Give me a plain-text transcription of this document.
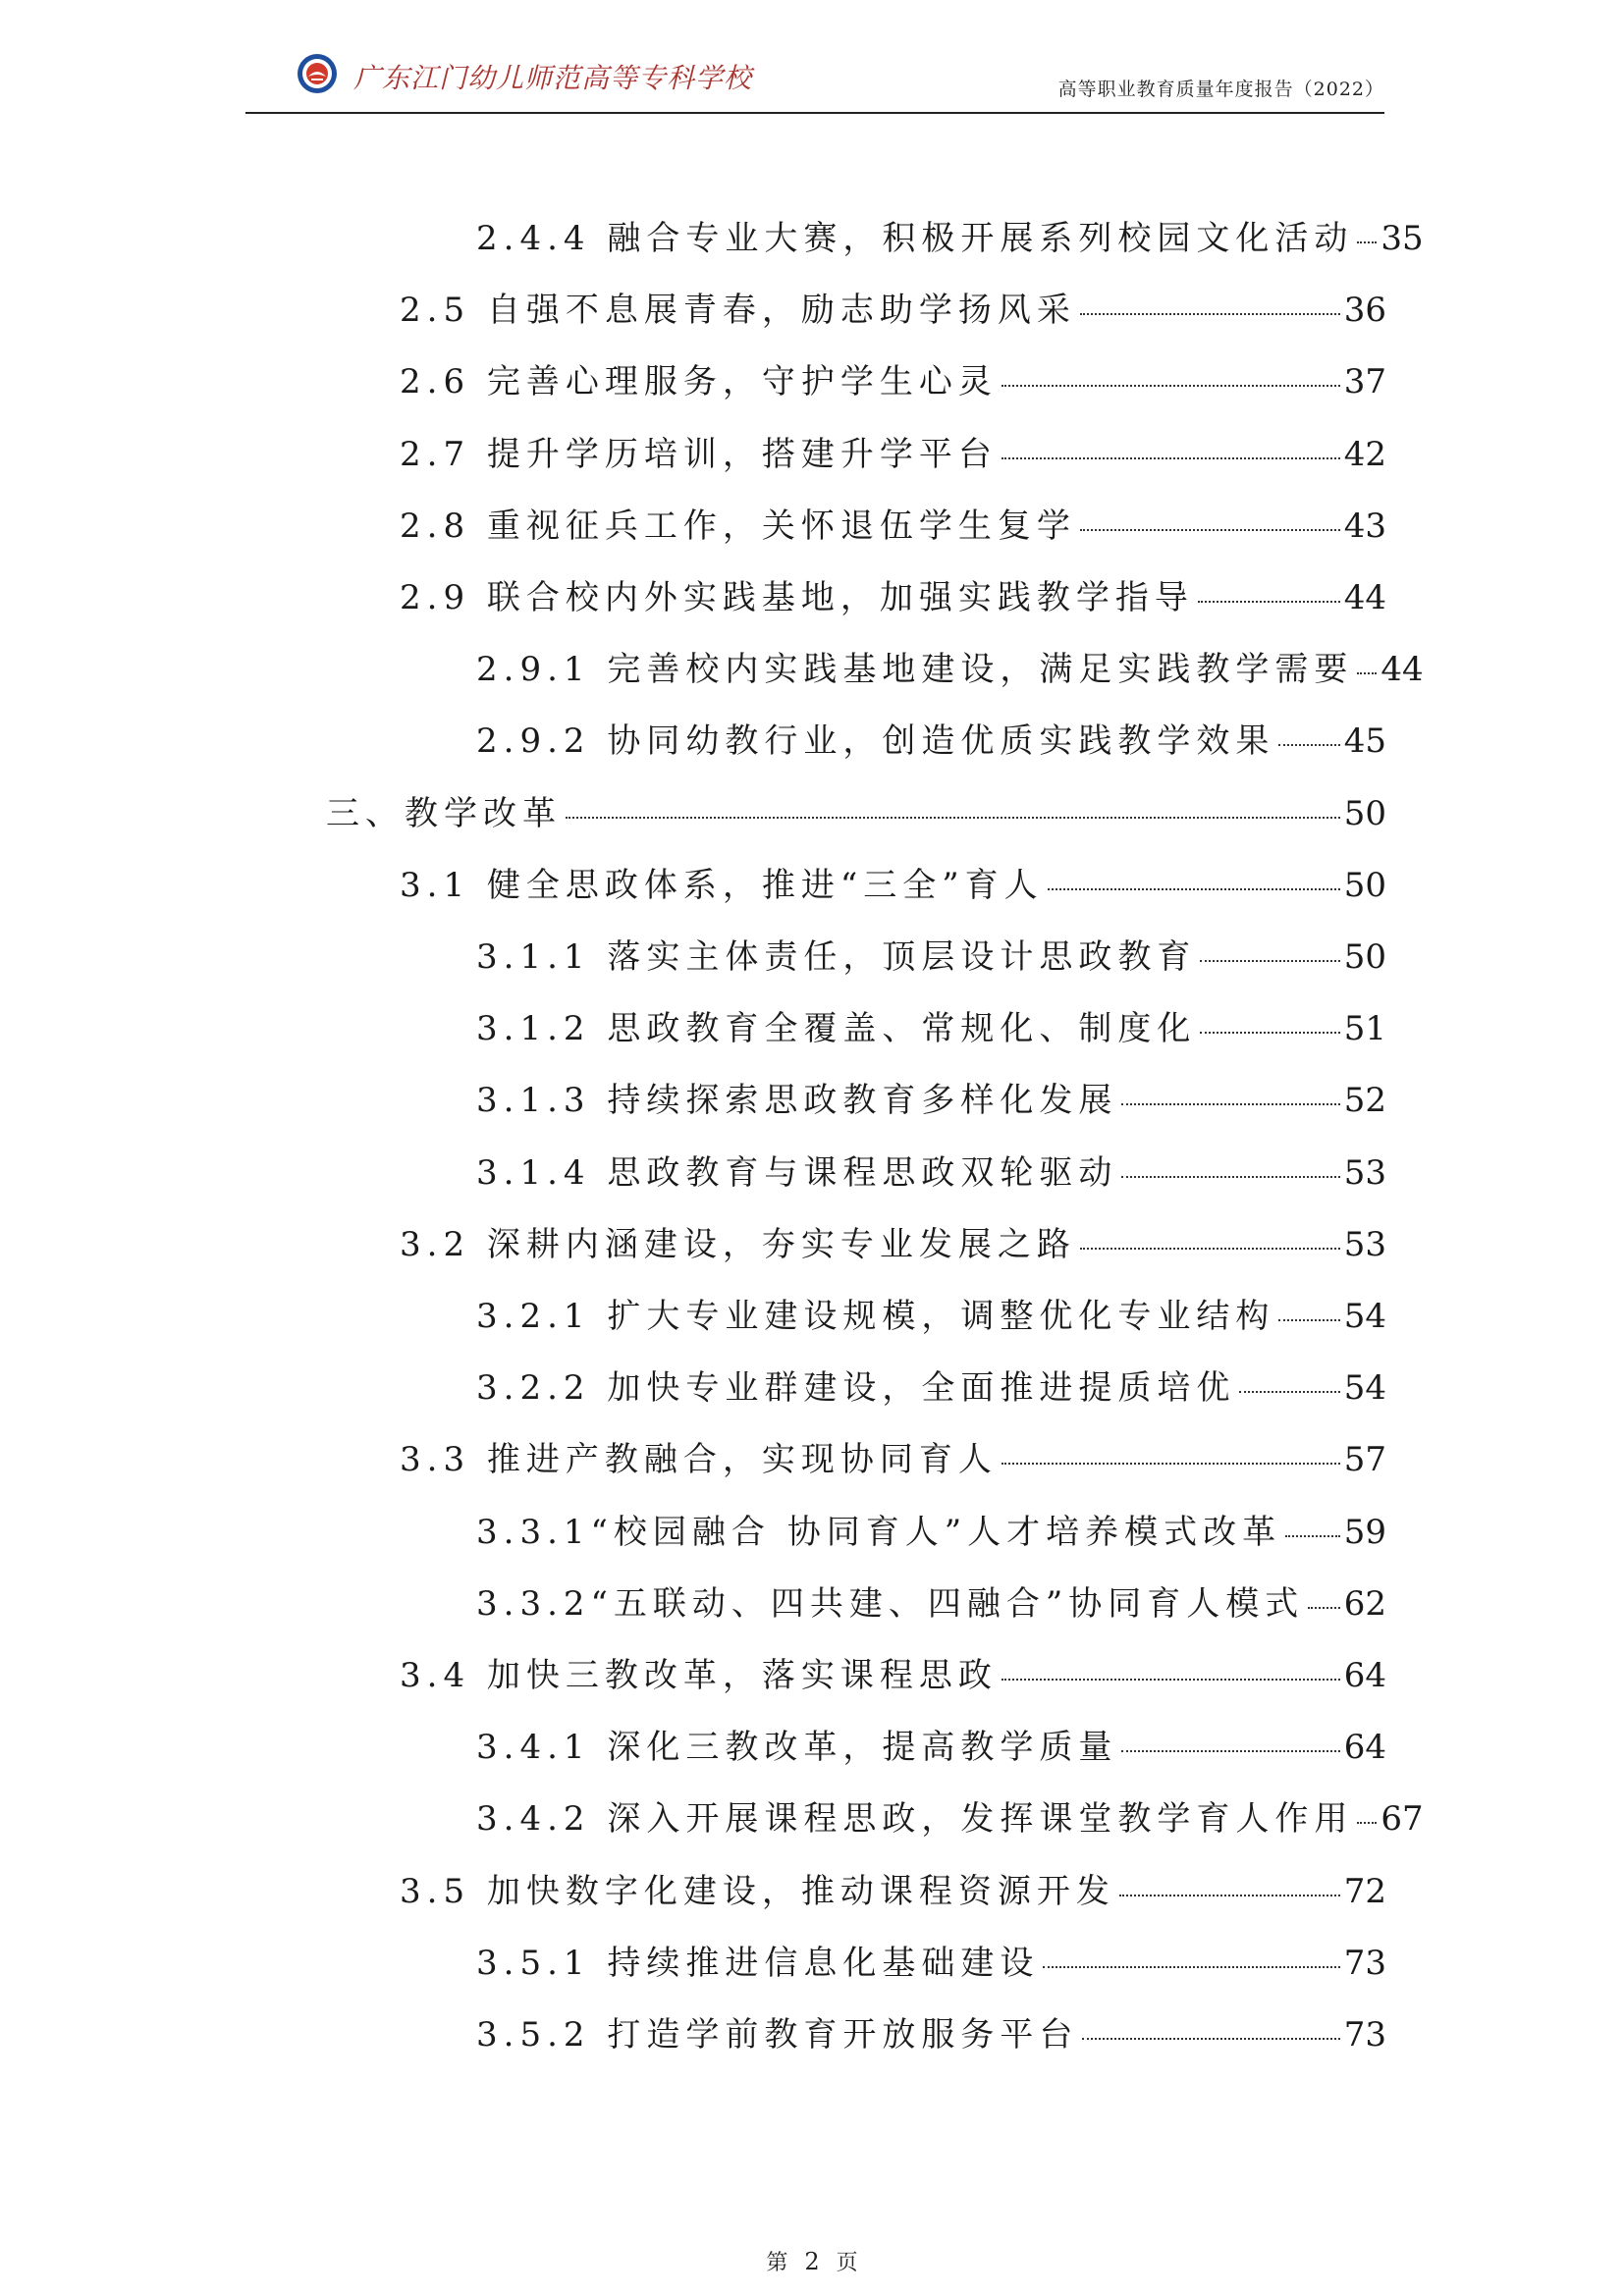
广东江门幼儿师范高等专科学校	高等职业教育质量年度报告（2022）
2.4.4 融合专业大赛，积极开展系列校园文化活动 35
2.5 自强不息展青春，励志助学扬风采	36
2.6 完善心理服务，守护学生心灵	37
2.7 提升学历培训，搭建升学平台	42
2.8 重视征兵工作，关怀退伍学生复学	43
2.9 联合校内外实践基地，加强实践教学指导	44
2.9.1 完善校内实践基地建设，满足实践教学需要 44
2.9.2 协同幼教行业，创造优质实践教学效果 45
三、教学改革	50
3.1 健全思政体系，推进“三全”育人	50
3.1.1 落实主体责任，顶层设计思政教育	50
3.1.2 思政教育全覆盖、常规化、制度化	51
3.1.3 持续探索思政教育多样化发展	52
3.1.4 思政教育与课程思政双轮驱动	53
3.2 深耕内涵建设，夯实专业发展之路	53
3.2.1 扩大专业建设规模，调整优化专业结构 54
3.2.2 加快专业群建设，全面推进提质培优	54
3.3 推进产教融合，实现协同育人	57
3.3.1“校园融合 协同育人”人才培养模式改革 59
3.3.2“五联动、四共建、四融合”协同育人模式 62
3.4 加快三教改革，落实课程思政	64
3.4.1 深化三教改革，提高教学质量	64
3.4.2 深入开展课程思政，发挥课堂教学育人作用 67
3.5 加快数字化建设，推动课程资源开发	72
3.5.1 持续推进信息化基础建设	73
3.5.2 打造学前教育开放服务平台	73
第 2 页
